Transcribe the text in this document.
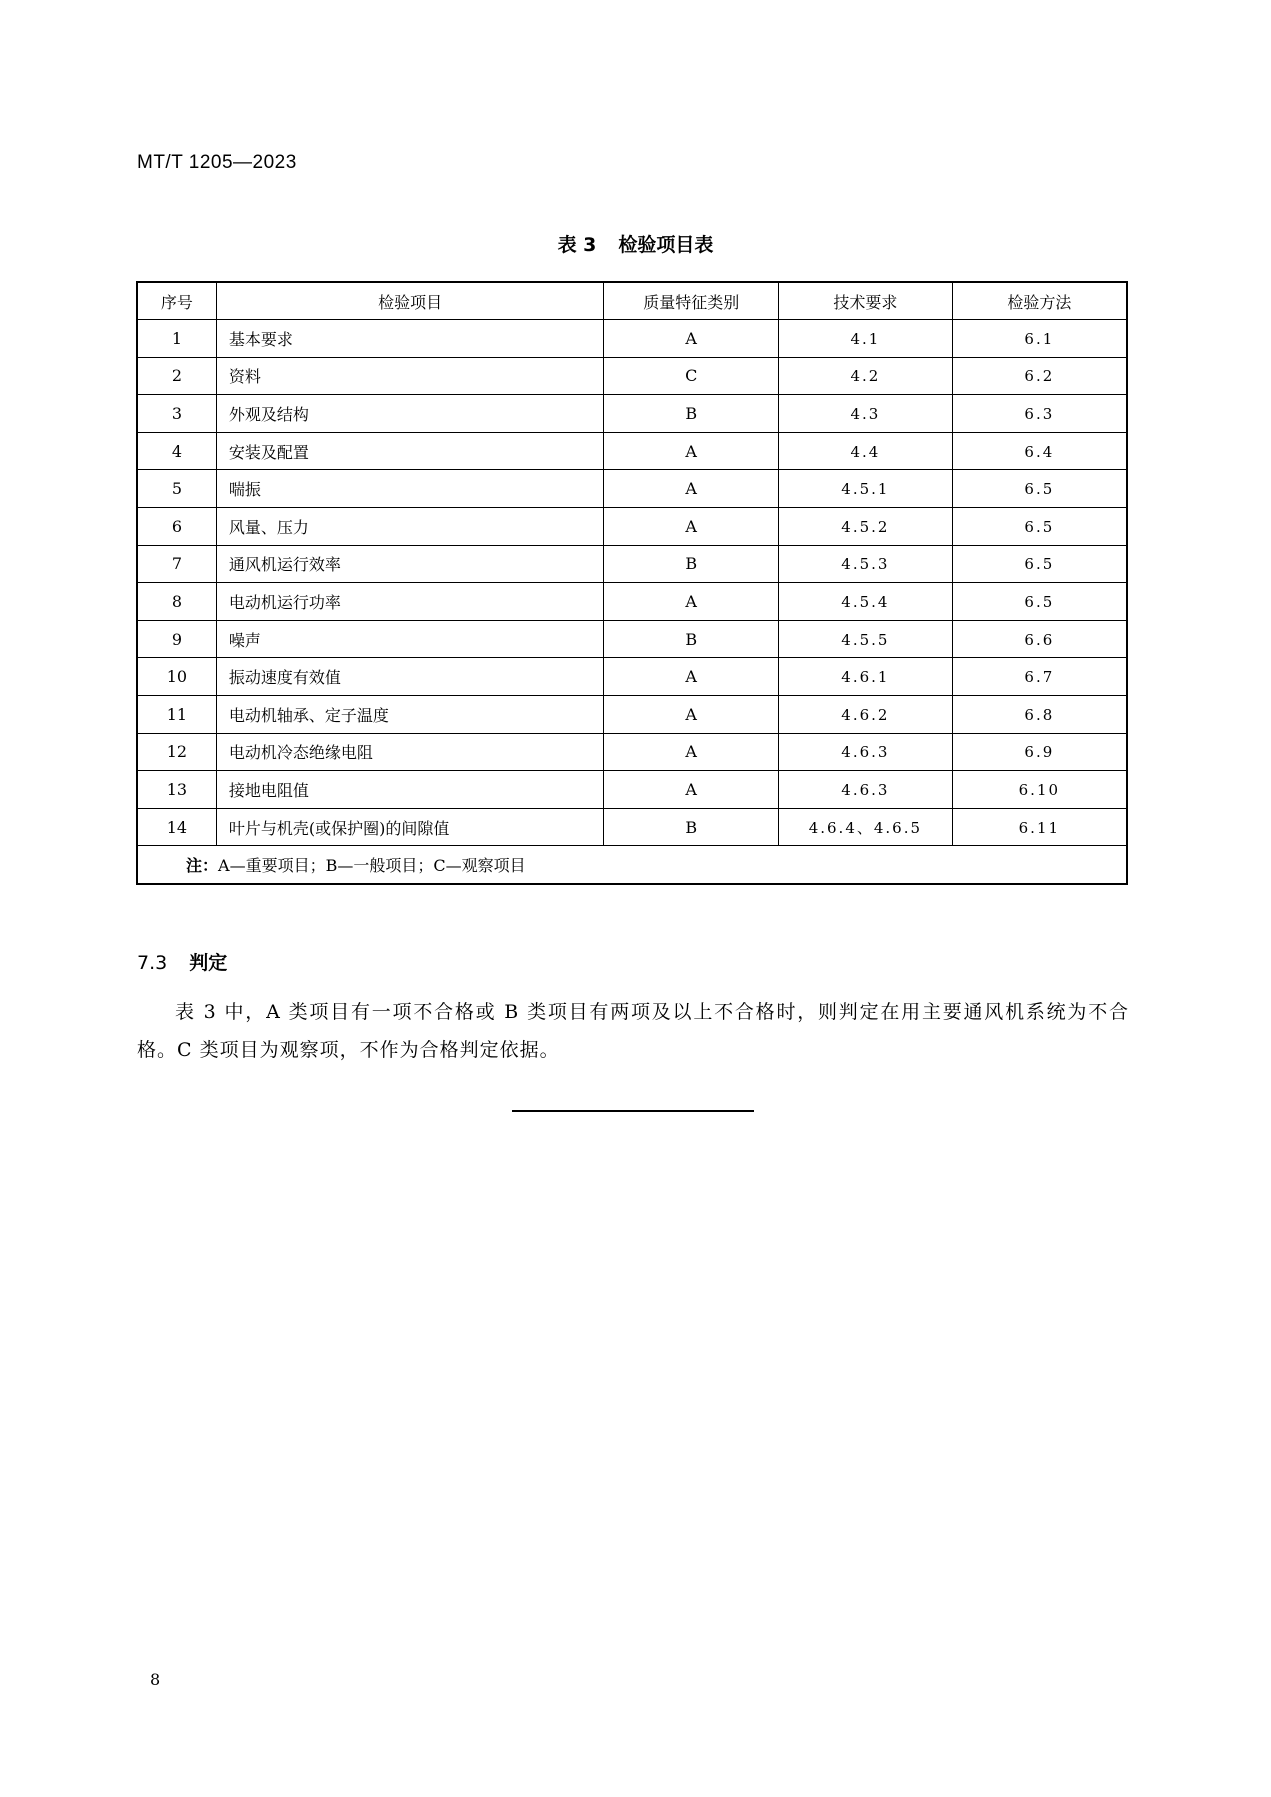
MT/T 1205—2023
表 3 检验项目表
序号	检验项目	质量特征类别	技术要求	检验方法
1	基本要求	A	4.1	6.1
2	资料	C	4.2	6.2
3	外观及结构	B	4.3	6.3
4	安装及配置	A	4.4	6.4
5	喘振	A	4.5.1	6.5
6	风量、压力	A	4.5.2	6.5
7	通风机运行效率	B	4.5.3	6.5
8	电动机运行功率	A	4.5.4	6.5
9	噪声	B	4.5.5	6.6
10	振动速度有效值	A	4.6.1	6.7
11	电动机轴承、定子温度	A	4.6.2	6.8
12	电动机冷态绝缘电阻	A	4.6.3	6.9
13	接地电阻值	A	4.6.3	6.10
14	叶片与机壳(或保护圈)的间隙值	B	4.6.4、4.6.5	6.11
注：A—重要项目；B—一般项目；C—观察项目				
7.3 判定
表 3 中，A 类项目有一项不合格或 B 类项目有两项及以上不合格时，则判定在用主要通风机系统为不合格。C 类项目为观察项，不作为合格判定依据。
8
